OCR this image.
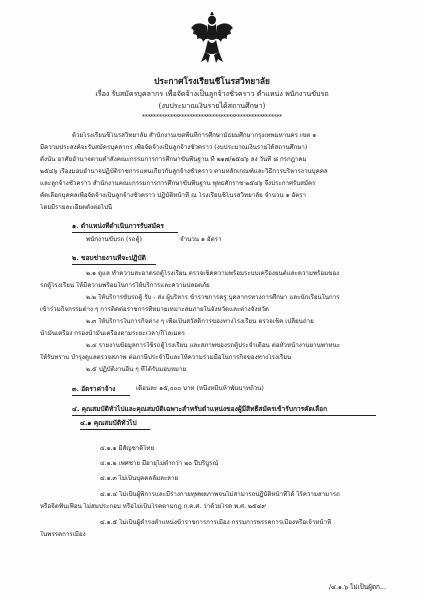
ประกาศโรงเรียนชีโนรสวิทยาลัย
เรื่อง รับสมัครบุคลากร เพื่อจัดจ้างเป็นลูกจ้างชั่วคราว ตำแหน่ง พนักงานขับรถ
(งบประมาณเงินรายได้สถานศึกษา)
**************************************************
ด้วยโรงเรียนชิโนรสวิทยาลัย สำนักงานเขตพื้นที่การศึกษามัธยมศึกษากรุงเทพมหานคร เขต ๑
มีความประสงค์จะรับสมัครบุคลากร เพื่อจัดจ้างเป็นลูกจ้างชั่วคราว (งบประมาณเงินรายได้สถานศึกษา)
ดังนั้น อาศัยอำนาจตามคำสั่งคณะกรรมการการศึกษาขั้นพื้นฐาน ที่ ๒๑๗/๒๕๔๖ ลง วันที่ ๘ กรกฎาคม
๒๕๔๖ เรื่องมอบอำนาจปฏิบัติราชการแทนเกี่ยวกับลูกจ้างชั่วคราว ตามหลักเกณฑ์และวิธีการบริหารงานบุคคล
และลูกจ้างชั่วคราว สำนักงานคณะกรรมการการศึกษาขั้นพื้นฐาน พุทธศักราช ๒๕๔๖ จึงประกาศรับสมัคร
คัดเลือกบุคคลเพื่อจัดจ้างเป็นลูกจ้างชั่วคราว ปฏิบัติหน้าที่ ณ โรงเรียนชิโนรสวิทยาลัย จำนวน ๑ อัตรา
โดยมีรายละเอียดดังต่อไปนี้
๑. ตำแหน่งที่ดำเนินการรับสมัคร
พนักงานขับรถ (รถตู้)	จำนวน ๑ อัตรา
๒. ขอบข่ายงานที่จะปฏิบัติ
๒.๑ ดูแล ทำความสะอาดรถตู้โรงเรียน ตรวจเช็คความพร้อมระบบเครื่องยนต์และความพร้อมของ
รถตู้โรงเรียน ให้มีความพร้อมในการให้บริการและความปลอดภัย
๒.๒ ให้บริการขับรถตู้ รับ - ส่ง ผู้บริหาร ข้าราชการครู บุคลากรทางการศึกษา และนักเรียนในการ
เข้าร่วมกิจกรรมต่าง ๆ การติดต่อราชการที่หมายเหมาะสมภายในจังหวัดและต่างจังหวัด
๒.๓ ให้บริการในการกิจต่าง ๆ เพื่อเป็นสวัสดิการของทางโรงเรียน ตรวจเช็ค เปลี่ยนถ่าย
น้ำมันเครื่อง กรองน้ำมันเครื่องตามระยะเวลา/กิโลเมตร
๒.๔ รายงานข้อมูลการใช้รถตู้โรงเรียน และสภาพของรถตู้ประจำเดือน ต่อหัวหน้างานยานพาหนะ
ให้รับทราบ บำรุงดูแลตรวจสภาพ ต่อภาษีประจำปีและให้ความร่วมมือในการกิจของทางโรงเรียน
๒.๕ ปฏิบัติงานอื่น ๆ ที่ได้รับมอบหมาย
๓. อัตราค่าจ้าง	เดือนละ ๑๕,๐๐๐ บาท (หนึ่งหมื่นห้าพันบาทถ้วน)
๔. คุณสมบัติทั่วไปและคุณสมบัติเฉพาะสำหรับตำแหน่งของผู้มีสิทธิ์สมัครเข้ารับการคัดเลือก
๔.๑ คุณสมบัติทั่วไป
๔.๑.๑ มีสัญชาติไทย
๔.๑.๒ เพศชาย มีอายุไม่ต่ำกว่า ๒๐ ปีบริบูรณ์
๔.๑.๓ ไม่เป็นบุคคลล้มละลาย
๔.๑.๔ ไม่เป็นผู้พิการและมีร่างกายทุพพลภาพจนไม่สามารถปฏิบัติหน้าที่ได้ ไร้ความสามารถ
หรือจิตฟั่นเฟือน ไม่สมประกอบ หรือไม่เป็นโรคตามกฎ ก.ค.ศ. ว่าด้วยโรค พ.ศ. ๒๕๔๙
๔.๑.๕ ไม่เป็นผู้ดำรงตำแหน่งข้าราชการการเมือง กรรมการพรรคการเมืองหรือเจ้าหน้าที่
ในพรรคการเมือง
/๔.๑.๖ ไม่เป็นผู้ตก...
